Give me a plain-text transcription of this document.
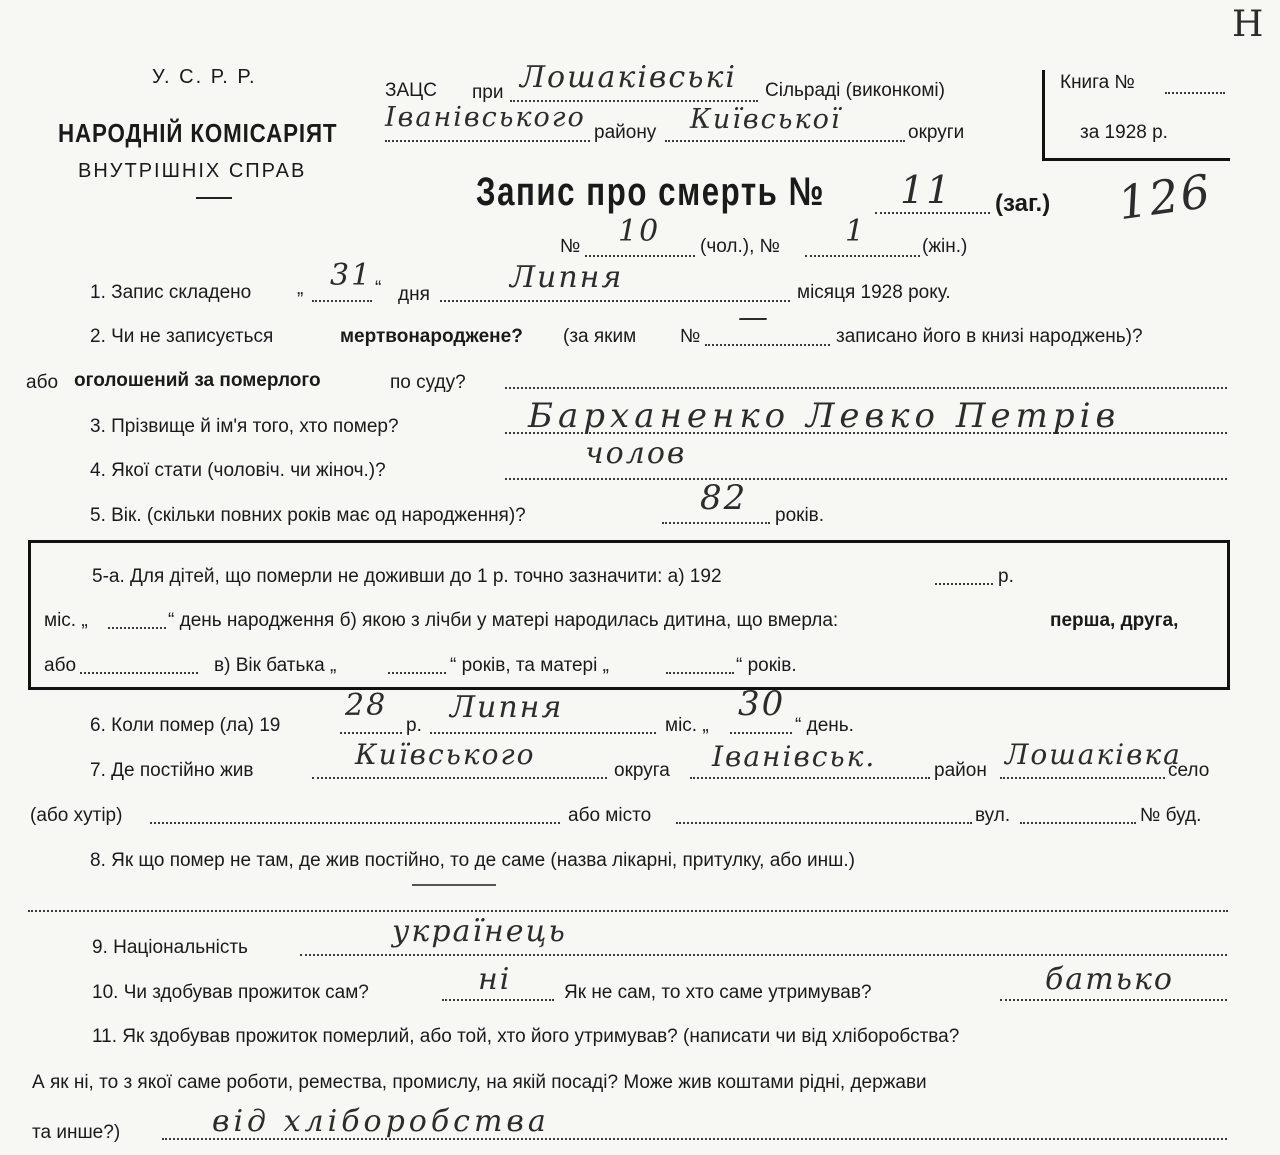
Н
У. С. Р. Р.
НАРОДНІЙ КОМІСАРІЯТ
ВНУТРІШНІХ СПРАВ
ЗАЦС при Лошаківські Сільраді (виконкомі)
Іванівського району Київської	округи
Книга №
за 1928 р.
Запис про смерть № 11 (заг.) 126
№ 10 (чол.), № 1	(жін.)
1. Запис складено „ 31 “ дня	Липня	місяця 1928 року.
2. Чи не записується	мертвонароджене? (за яким №
—
записано його в книзі народжень)?
або оголошений за померлого	по суду?
3. Прізвище й ім'я того, хто помер?	Барханенко Левко Петрів
4. Якої стати (чоловіч. чи жіноч.)?	чолов
5. Вік. (скільки повних років має од народження)?	82 років.
5-а. Для дітей, що померли не доживши до 1 р. точно зазначити: а) 192	р.
міс. „	“ день народження б) якою з лічби у матері народилась дитина, що вмерла:	перша, друга,
або	в) Вік батька „	“ років, та матері „	“ років.
6. Коли помер (ла) 19
28
р.
Липня
міс. „
30
“ день.
7. Де постійно жив	Київського	округа Іванівськ.	район Лошаківка
село
(або хутір)	або місто	вул.	№ буд.
8. Як що помер не там, де жив постійно, то де саме (назва лікарні, притулку, або инш.)
9. Національність	українець
10. Чи здобував прожиток сам?	ні	Як не сам, то хто саме утримував?	батько
11. Як здобував прожиток померлий, або той, хто його утримував? (написати чи від хліборобства?
А як ні, то з якої саме роботи, ремества, промислу, на якій посаді? Може жив коштами рідні, держави
та инше?)	від хліборобства
